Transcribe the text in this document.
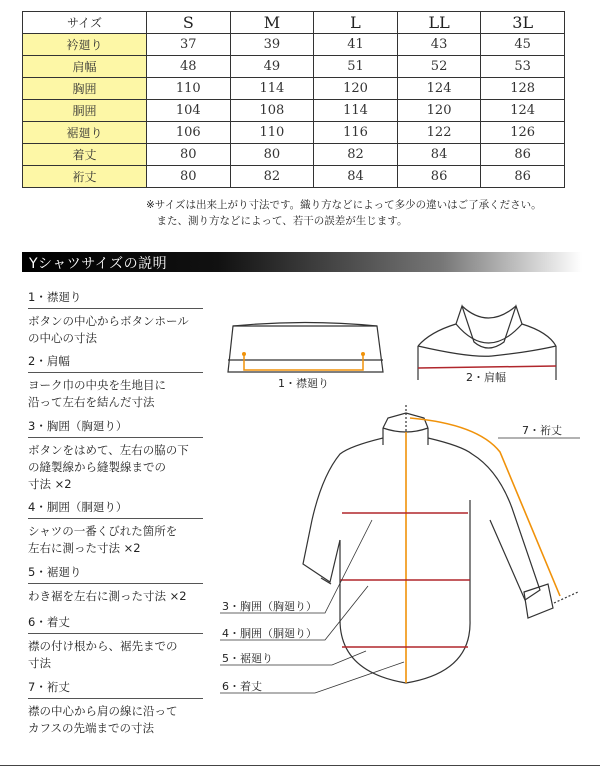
サイズ	S	M	L	LL	3L
衿廻り	37	39	41	43	45
肩幅	48	49	51	52	53
胸囲	110	114	120	124	128
胴囲	104	108	114	120	124
裾廻り	106	110	116	122	126
着丈	80	80	82	84	86
裄丈	80	82	84	86	86
※サイズは出来上がり寸法です。織り方などによって多少の違いはご了承ください。
　また、測り方などによって、若干の誤差が生じます。
Yシャツサイズの説明
1・襟廻り
ボタンの中心からボタンホール
の中心の寸法
2・肩幅
ヨーク巾の中央を生地目に
沿って左右を結んだ寸法
3・胸囲（胸廻り）
ボタンをはめて、左右の脇の下
の縫製線から縫製線までの
寸法 ×2
4・胴囲（胴廻り）
シャツの一番くびれた箇所を
左右に測った寸法 ×2
5・裾廻り
わき裾を左右に測った寸法 ×2
6・着丈
襟の付け根から、裾先までの
寸法
7・裄丈
襟の中心から肩の線に沿って
カフスの先端までの寸法
1・襟廻り	2・肩幅
3・胸囲（胸廻り）
4・胴囲（胴廻り）
5・裾廻り
6・着丈
7・裄丈
